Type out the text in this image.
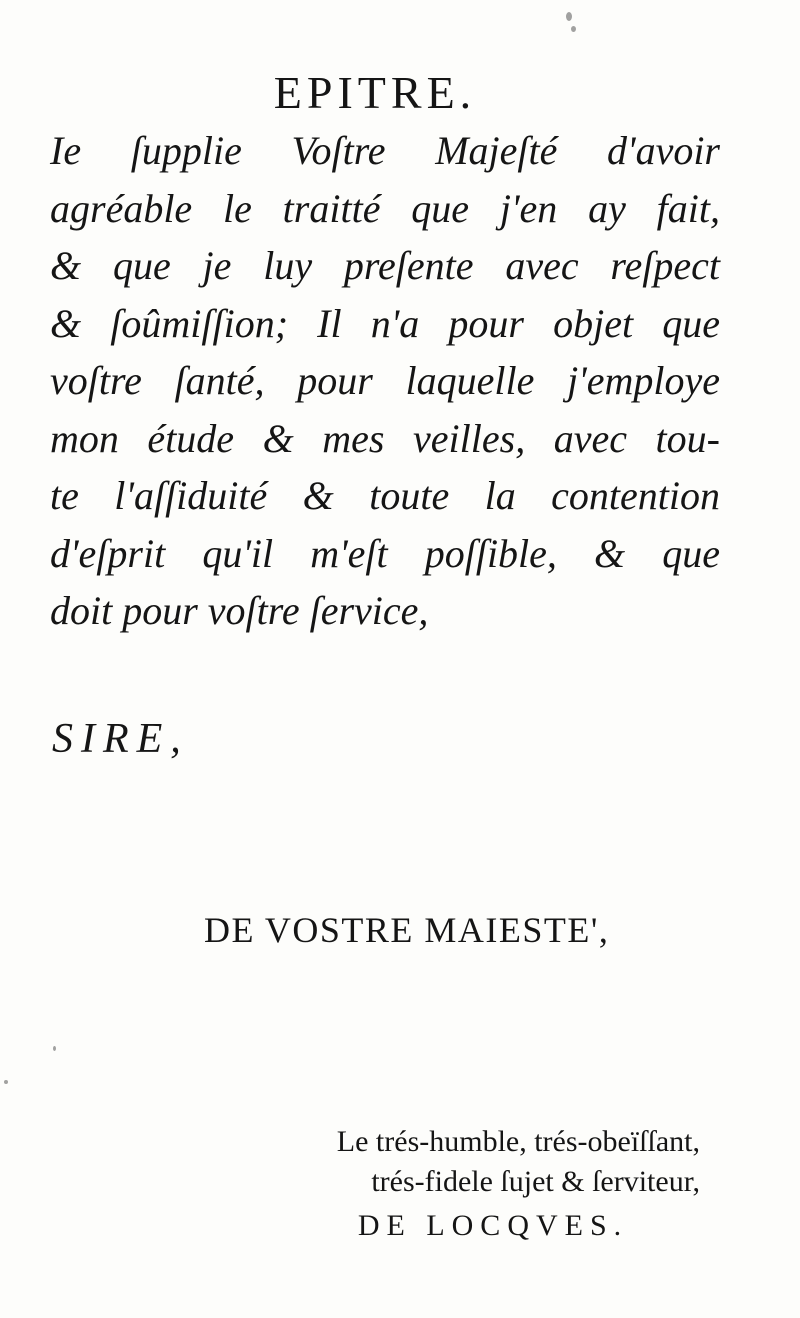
EPITRE.
Ie ſupplie Voſtre Majeſté d'avoir
agréable le traitté que j'en ay fait,
& que je luy preſente avec reſpect
& ſoûmiſſion; Il n'a pour objet que
voſtre ſanté, pour laquelle j'employe
mon étude & mes veilles, avec tou-
te l'aſſiduité & toute la contention
d'eſprit qu'il m'eſt poſſible, & que
doit pour voſtre ſervice,

SIRE,

DE VOSTRE MAIESTE',

Le trés-humble, trés-obeïſſant,
trés-fidele ſujet & ſerviteur,
DE LOCQVES.
